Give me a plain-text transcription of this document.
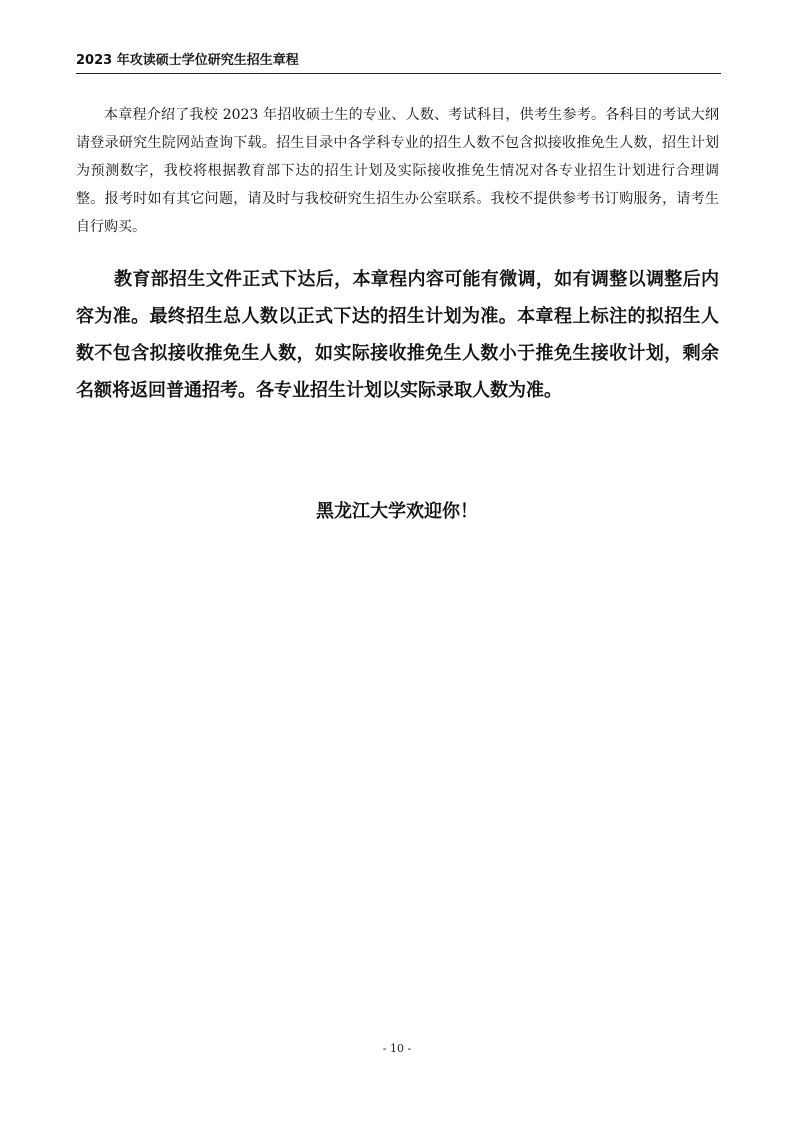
2023 年攻读硕士学位研究生招生章程

本章程介绍了我校 2023 年招收硕士生的专业、人数、考试科目，供考生参考。各科目的考试大纲请登录研究生院网站查询下载。招生目录中各学科专业的招生人数不包含拟接收推免生人数，招生计划为预测数字，我校将根据教育部下达的招生计划及实际接收推免生情况对各专业招生计划进行合理调整。报考时如有其它问题，请及时与我校研究生招生办公室联系。我校不提供参考书订购服务，请考生自行购买。

教育部招生文件正式下达后，本章程内容可能有微调，如有调整以调整后内容为准。最终招生总人数以正式下达的招生计划为准。本章程上标注的拟招生人数不包含拟接收推免生人数，如实际接收推免生人数小于推免生接收计划，剩余名额将返回普通招考。各专业招生计划以实际录取人数为准。

黑龙江大学欢迎你！

- 10 -
